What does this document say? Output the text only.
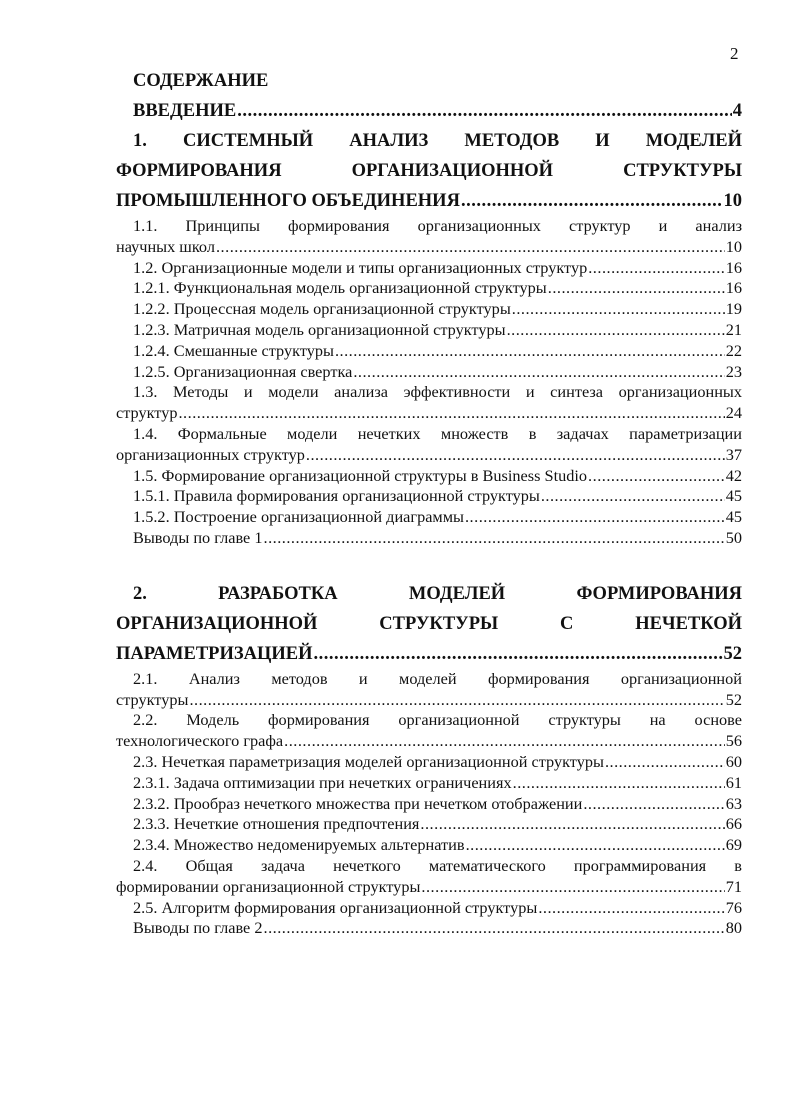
2
СОДЕРЖАНИЕ
ВВЕДЕНИЕ .....	4
1. СИСТЕМНЫЙ АНАЛИЗ МЕТОДОВ И МОДЕЛЕЙ
ФОРМИРОВАНИЯ ОРГАНИЗАЦИОННОЙ СТРУКТУРЫ
ПРОМЫШЛЕННОГО ОБЪЕДИНЕНИЯ .....	10
1.1. Принципы формирования организационных структур и анализ
научных школ .....	10
1.2. Организационные модели и типы организационных структур .....	16
1.2.1. Функциональная модель организационной структуры .....	16
1.2.2. Процессная модель организационной структуры .....	19
1.2.3. Матричная модель организационной структуры .....	21
1.2.4. Смешанные структуры .....	22
1.2.5. Организационная свертка .....	23
1.3. Методы и модели анализа эффективности и синтеза организационных
структур .....	24
1.4. Формальные модели нечетких множеств в задачах параметризации
организационных структур .....	37
1.5. Формирование организационной структуры в Business Studio .....	42
1.5.1. Правила формирования организационной структуры .....	45
1.5.2. Построение организационной диаграммы .....	45
Выводы по главе 1 .....	50
2. РАЗРАБОТКА МОДЕЛЕЙ ФОРМИРОВАНИЯ
ОРГАНИЗАЦИОННОЙ СТРУКТУРЫ С НЕЧЕТКОЙ
ПАРАМЕТРИЗАЦИЕЙ .....	52
2.1. Анализ методов и моделей формирования организационной
структуры .....	52
2.2. Модель формирования организационной структуры на основе
технологического графа .....	56
2.3. Нечеткая параметризация моделей организационной структуры .....	60
2.3.1. Задача оптимизации при нечетких ограничениях .....	61
2.3.2. Прообраз нечеткого множества при нечетком отображении .....	63
2.3.3. Нечеткие отношения предпочтения .....	66
2.3.4. Множество недоменируемых альтернатив .....	69
2.4. Общая задача нечеткого математического программирования в
формировании организационной структуры .....	71
2.5. Алгоритм формирования организационной структуры .....	76
Выводы по главе 2 .....	80
